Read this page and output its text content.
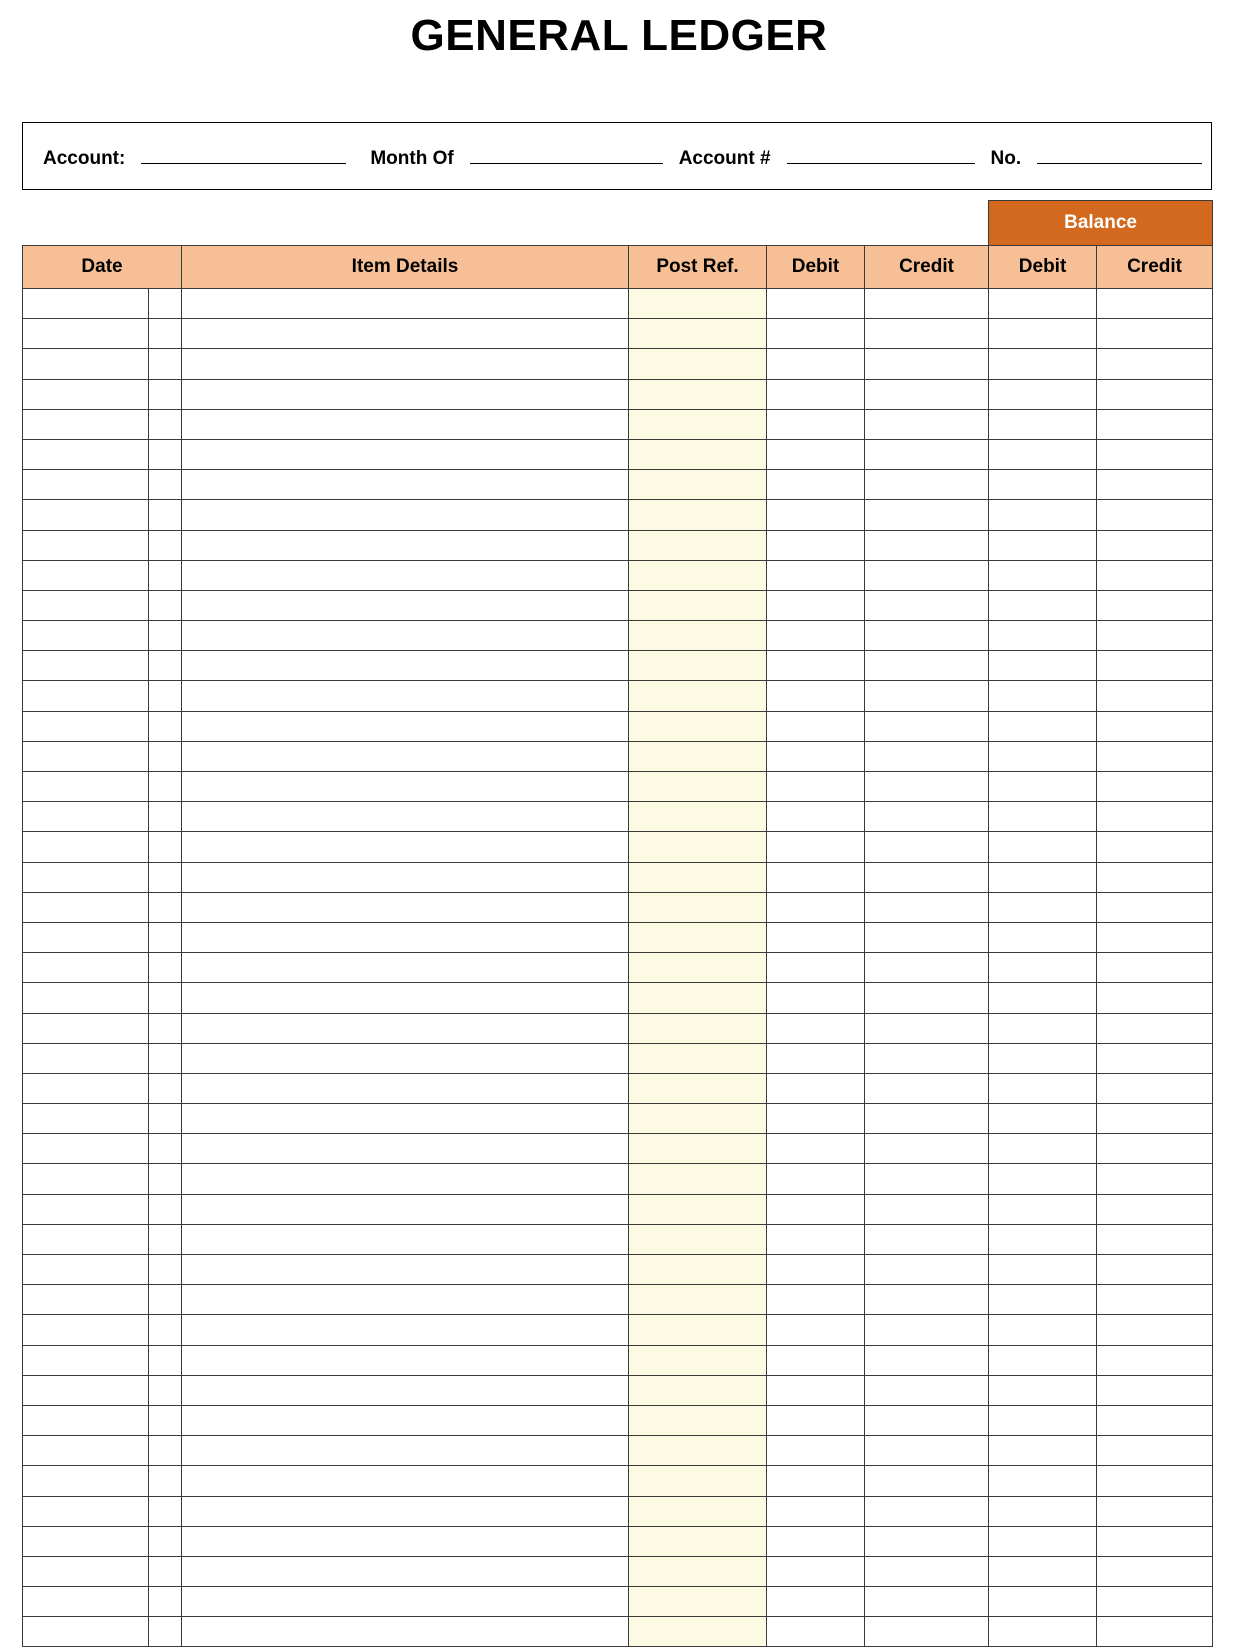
GENERAL LEDGER
Account:	Month Of	Account #	No.
						Balance	
Date		Item Details	Post Ref.	Debit	Credit	Debit	Credit
